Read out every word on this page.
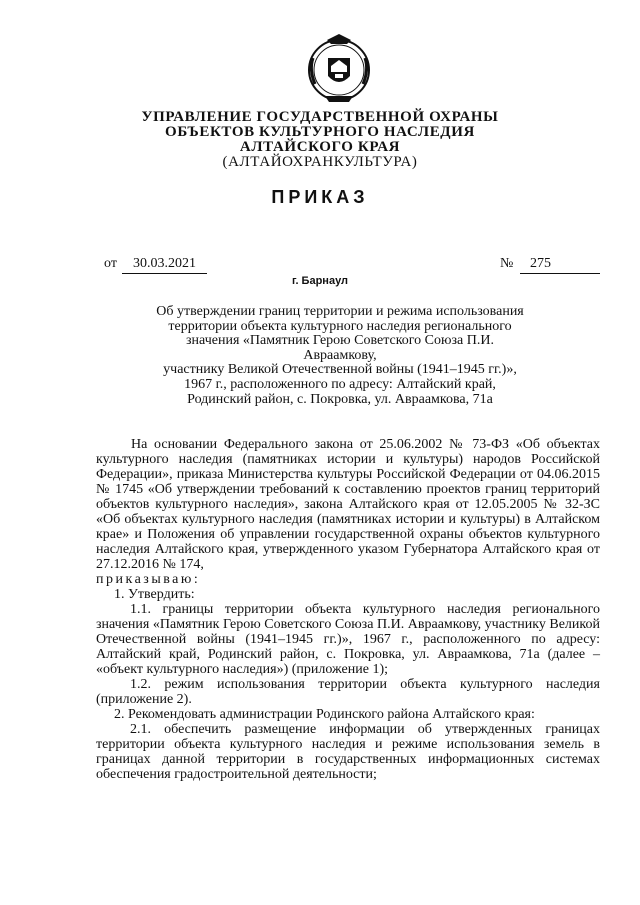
УПРАВЛЕНИЕ ГОСУДАРСТВЕННОЙ ОХРАНЫ
ОБЪЕКТОВ КУЛЬТУРНОГО НАСЛЕДИЯ
АЛТАЙСКОГО КРАЯ
(АЛТАЙОХРАНКУЛЬТУРА)
ПРИКАЗ
от	30.03.2021	№	275
г. Барнаул
Об утверждении границ территории и режима использования
территории объекта культурного наследия регионального
значения «Памятник Герою Советского Союза П.И. Авраамкову,
участнику Великой Отечественной войны (1941–1945 гг.)»,
1967 г., расположенного по адресу: Алтайский край,
Родинский район, с. Покровка, ул. Авраамкова, 71а

На основании Федерального закона от 25.06.2002 № 73-ФЗ «Об объектах культурного наследия (памятниках истории и культуры) народов Российской Федерации», приказа Министерства культуры Российской Федерации от 04.06.2015 № 1745 «Об утверждении требований к составлению проектов границ территорий объектов культурного наследия», закона Алтайского края от 12.05.2005 № 32-ЗС «Об объектах культурного наследия (памятниках истории и культуры) в Алтайском крае» и Положения об управлении государственной охраны объектов культурного наследия Алтайского края, утвержденного указом Губернатора Алтайского края от 27.12.2016 № 174,

приказываю:

1. Утвердить:

1.1. границы территории объекта культурного наследия регионального значения «Памятник Герою Советского Союза П.И. Авраамкову, участнику Великой Отечественной войны (1941–1945 гг.)», 1967 г., расположенного по адресу: Алтайский край, Родинский район, с. Покровка, ул. Авраамкова, 71а (далее – «объект культурного наследия») (приложение 1);

1.2. режим использования территории объекта культурного наследия (приложение 2).

2. Рекомендовать администрации Родинского района Алтайского края:

2.1. обеспечить размещение информации об утвержденных границах территории объекта культурного наследия и режиме использования земель в границах данной территории в государственных информационных системах обеспечения градостроительной деятельности;
